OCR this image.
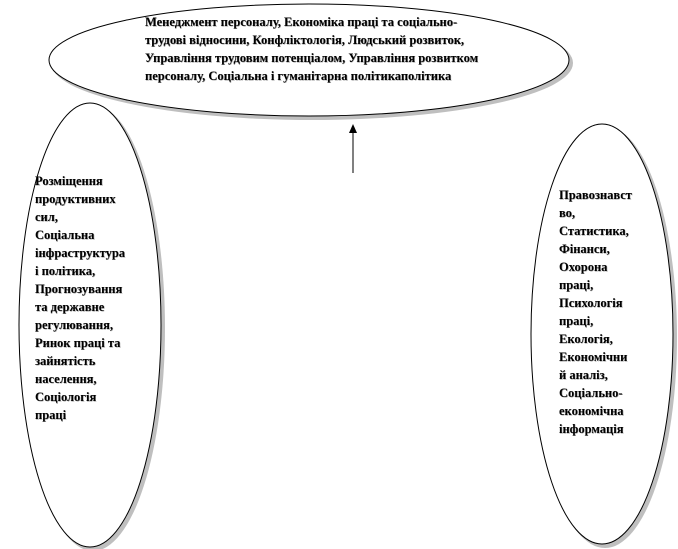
Менеджмент персоналу, Економіка праці та соціально-
трудові відносини, Конфліктологія, Людський розвиток,
Управління трудовим потенціалом, Управління розвитком
персоналу, Соціальна і гуманітарна політикаполітика
Розміщення
продуктивних
сил,
Соціальна
інфраструктура
і політика,
Прогнозування
та державне
регулювання,
Ринок праці та
зайнятість
населення,
Соціологія
праці
Правознавст
во,
Статистика,
Фінанси,
Охорона
праці,
Психологія
праці,
Екологія,
Економічни
й аналіз,
Соціально-
економічна
інформація
